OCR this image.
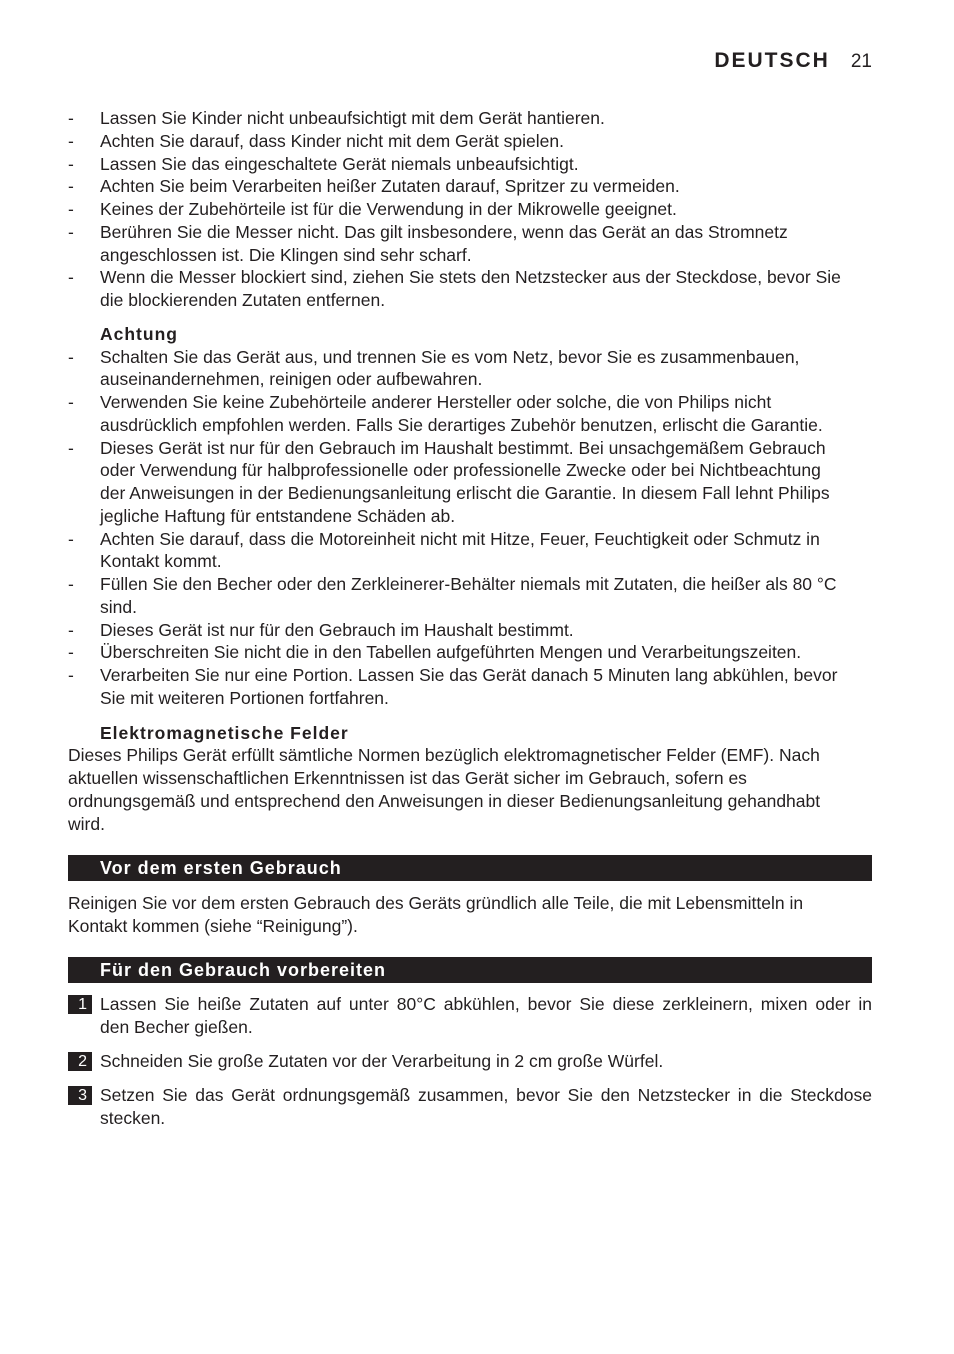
DEUTSCH 21
-	Lassen Sie Kinder nicht unbeaufsichtigt mit dem Gerät hantieren.
-	Achten Sie darauf, dass Kinder nicht mit dem Gerät spielen.
-	Lassen Sie das eingeschaltete Gerät niemals unbeaufsichtigt.
-	Achten Sie beim Verarbeiten heißer Zutaten darauf, Spritzer zu vermeiden.
-	Keines der Zubehörteile ist für die Verwendung in der Mikrowelle geeignet.
-	Berühren Sie die Messer nicht. Das gilt insbesondere, wenn das Gerät an das Stromnetz
angeschlossen ist. Die Klingen sind sehr scharf.
-	Wenn die Messer blockiert sind, ziehen Sie stets den Netzstecker aus der Steckdose, bevor Sie
die blockierenden Zutaten entfernen.
Achtung
-	Schalten Sie das Gerät aus, und trennen Sie es vom Netz, bevor Sie es zusammenbauen,
auseinandernehmen, reinigen oder aufbewahren.
-	Verwenden Sie keine Zubehörteile anderer Hersteller oder solche, die von Philips nicht
ausdrücklich empfohlen werden. Falls Sie derartiges Zubehör benutzen, erlischt die Garantie.
-	Dieses Gerät ist nur für den Gebrauch im Haushalt bestimmt. Bei unsachgemäßem Gebrauch
oder Verwendung für halbprofessionelle oder professionelle Zwecke oder bei Nichtbeachtung
der Anweisungen in der Bedienungsanleitung erlischt die Garantie. In diesem Fall lehnt Philips
jegliche Haftung für entstandene Schäden ab.
-	Achten Sie darauf, dass die Motoreinheit nicht mit Hitze, Feuer, Feuchtigkeit oder Schmutz in
Kontakt kommt.
-	Füllen Sie den Becher oder den Zerkleinerer-Behälter niemals mit Zutaten, die heißer als 80 °C
sind.
-	Dieses Gerät ist nur für den Gebrauch im Haushalt bestimmt.
-	Überschreiten Sie nicht die in den Tabellen aufgeführten Mengen und Verarbeitungszeiten.
-	Verarbeiten Sie nur eine Portion. Lassen Sie das Gerät danach 5 Minuten lang abkühlen, bevor
Sie mit weiteren Portionen fortfahren.
Elektromagnetische Felder
Dieses Philips Gerät erfüllt sämtliche Normen bezüglich elektromagnetischer Felder (EMF). Nach
aktuellen wissenschaftlichen Erkenntnissen ist das Gerät sicher im Gebrauch, sofern es
ordnungsgemäß und entsprechend den Anweisungen in dieser Bedienungsanleitung gehandhabt
wird.
Vor dem ersten Gebrauch
Reinigen Sie vor dem ersten Gebrauch des Geräts gründlich alle Teile, die mit Lebensmitteln in
Kontakt kommen (siehe “Reinigung”).
Für den Gebrauch vorbereiten
1 Lassen Sie heiße Zutaten auf unter 80°C abkühlen, bevor Sie diese zerkleinern, mixen oder in
den Becher gießen.
2 Schneiden Sie große Zutaten vor der Verarbeitung in 2 cm große Würfel.
3 Setzen Sie das Gerät ordnungsgemäß zusammen, bevor Sie den Netzstecker in die Steckdose
stecken.
